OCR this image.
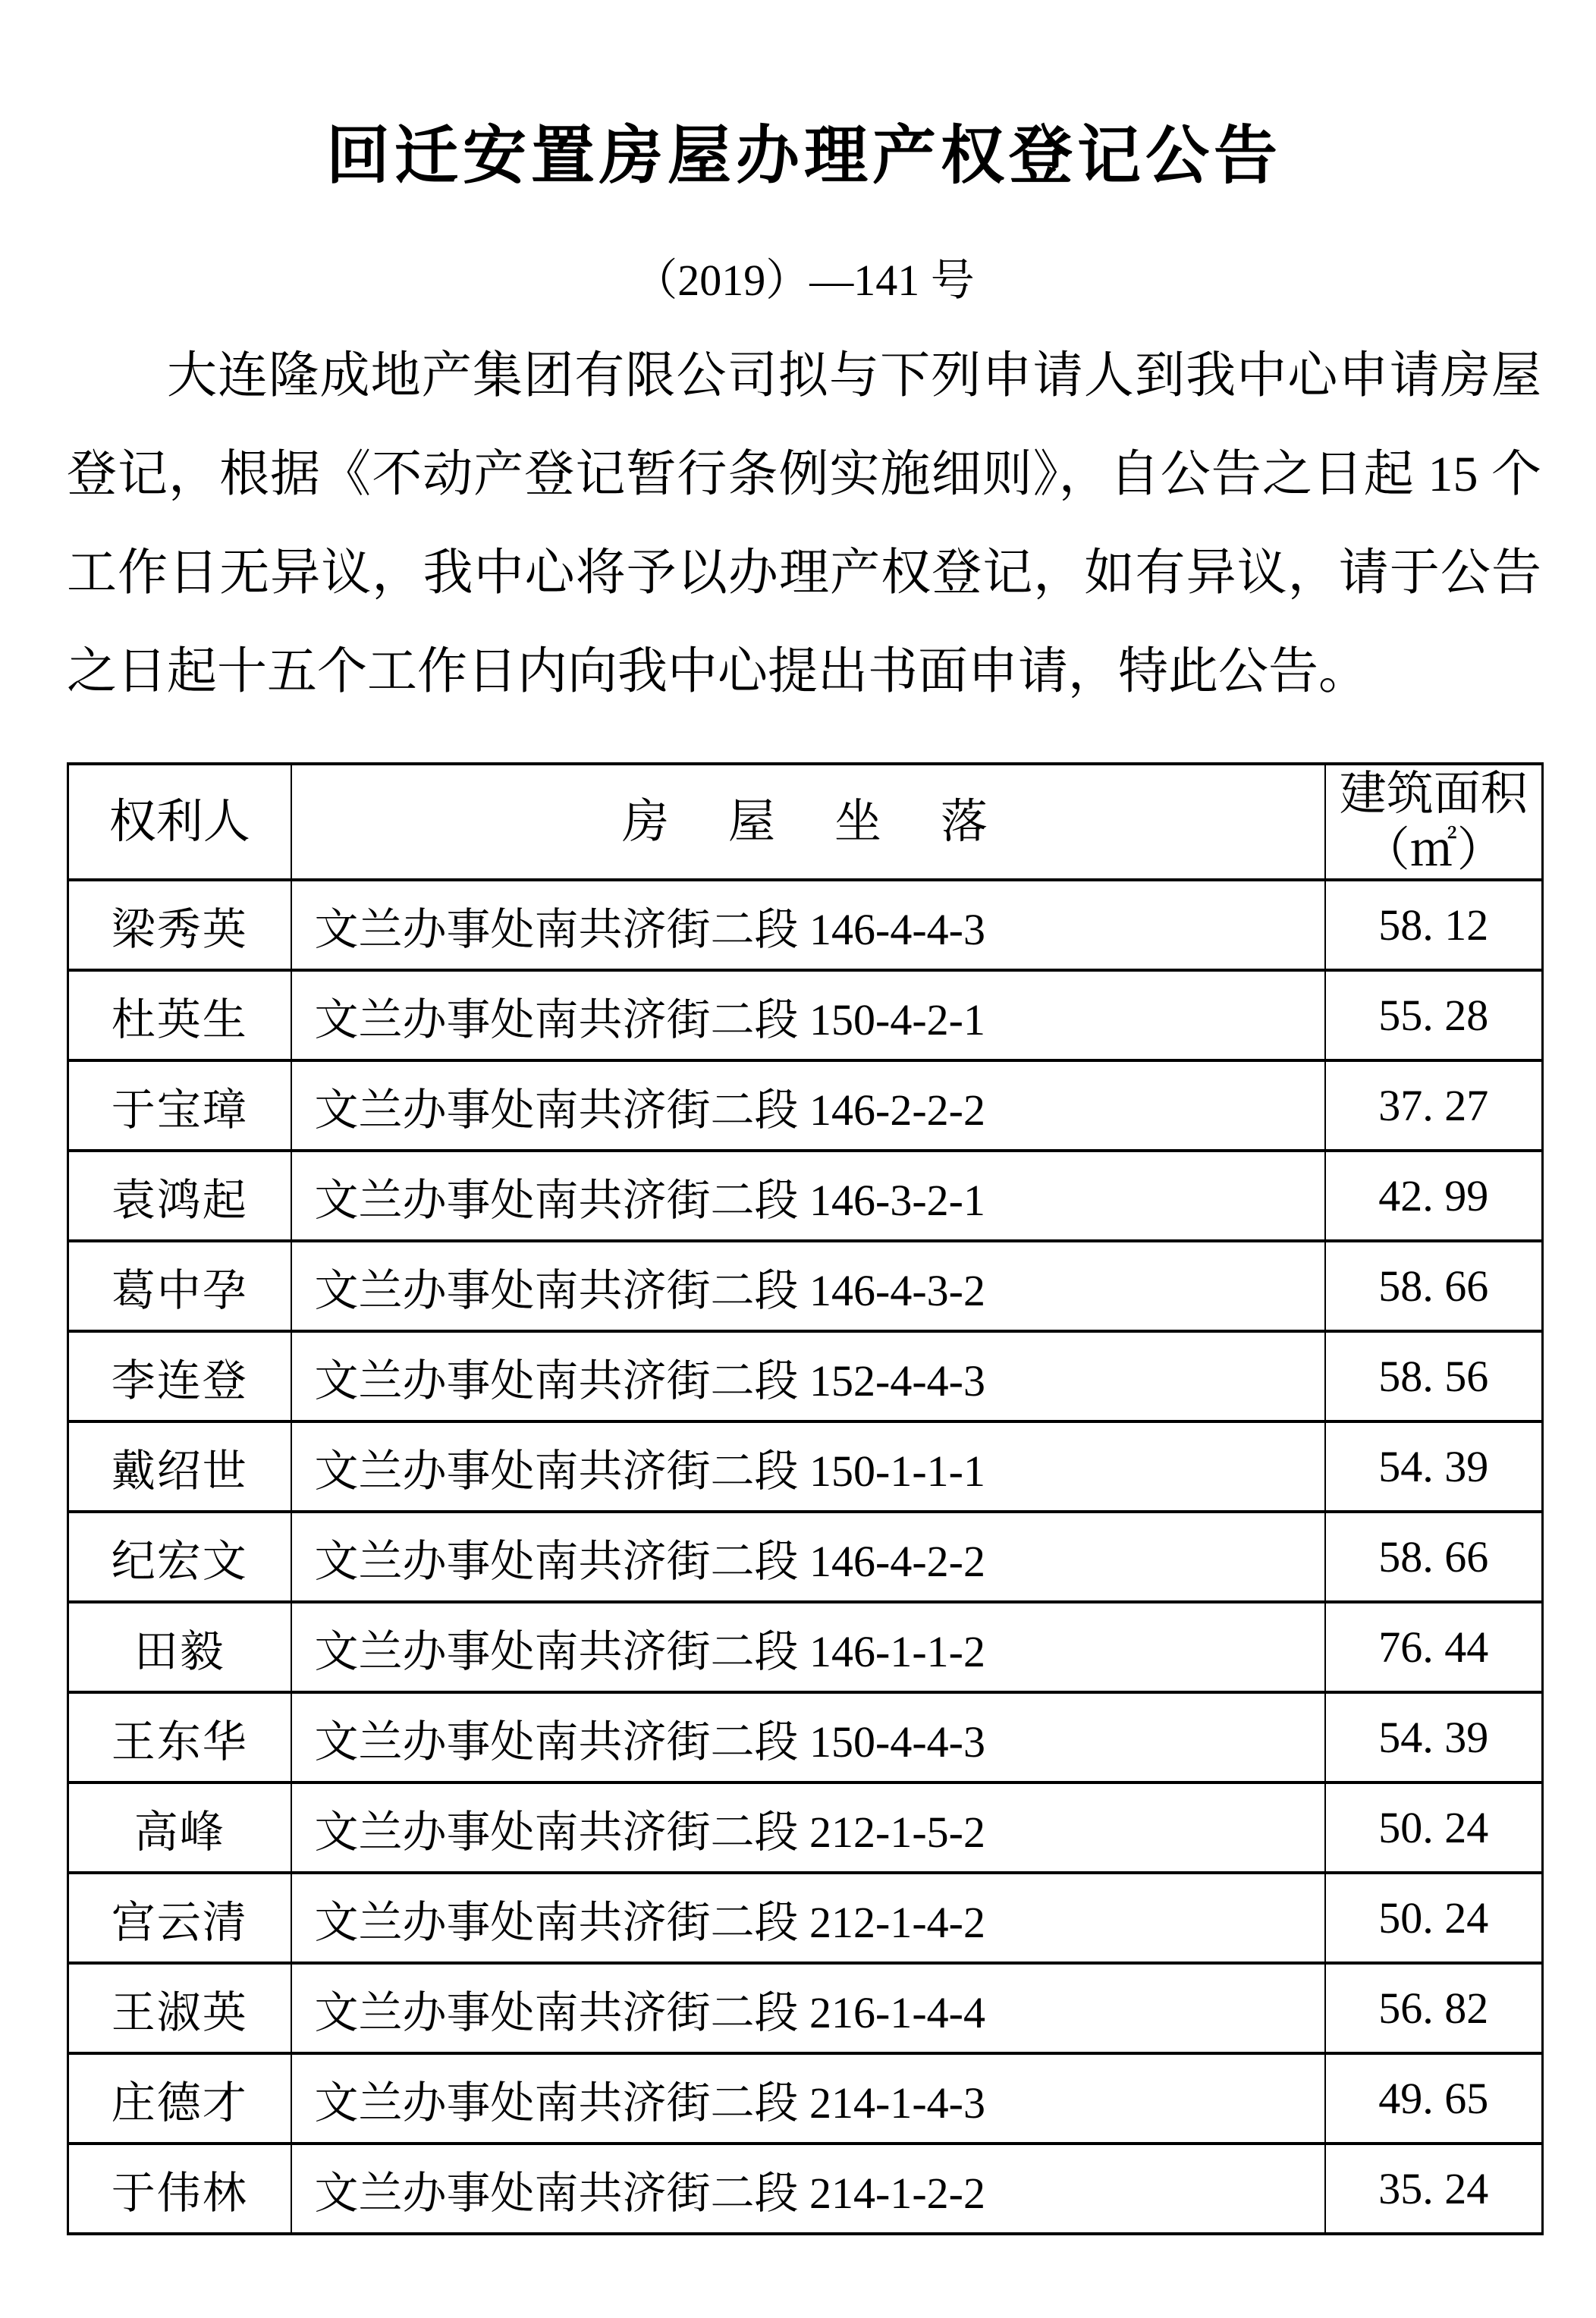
回迁安置房屋办理产权登记公告
（2019）—141 号
大连隆成地产集团有限公司拟与下列申请人到我中心申请房屋
登记，根据《不动产登记暂行条例实施细则》，自公告之日起 15 个
工作日无异议，我中心将予以办理产权登记，如有异议，请于公告
之日起十五个工作日内向我中心提出书面申请，特此公告。
权利人	房　屋　坐　落	建筑面积
（㎡）

梁秀英	文兰办事处南共济街二段 146-4-4-3	58. 12
杜英生	文兰办事处南共济街二段 150-4-2-1	55. 28
于宝璋	文兰办事处南共济街二段 146-2-2-2	37. 27
袁鸿起	文兰办事处南共济街二段 146-3-2-1	42. 99
葛中孕	文兰办事处南共济街二段 146-4-3-2	58. 66
李连登	文兰办事处南共济街二段 152-4-4-3	58. 56
戴绍世	文兰办事处南共济街二段 150-1-1-1	54. 39
纪宏文	文兰办事处南共济街二段 146-4-2-2	58. 66
田毅	文兰办事处南共济街二段 146-1-1-2	76. 44
王东华	文兰办事处南共济街二段 150-4-4-3	54. 39
高峰	文兰办事处南共济街二段 212-1-5-2	50. 24
宫云清	文兰办事处南共济街二段 212-1-4-2	50. 24
王淑英	文兰办事处南共济街二段 216-1-4-4	56. 82
庄德才	文兰办事处南共济街二段 214-1-4-3	49. 65
于伟林	文兰办事处南共济街二段 214-1-2-2	35. 24
